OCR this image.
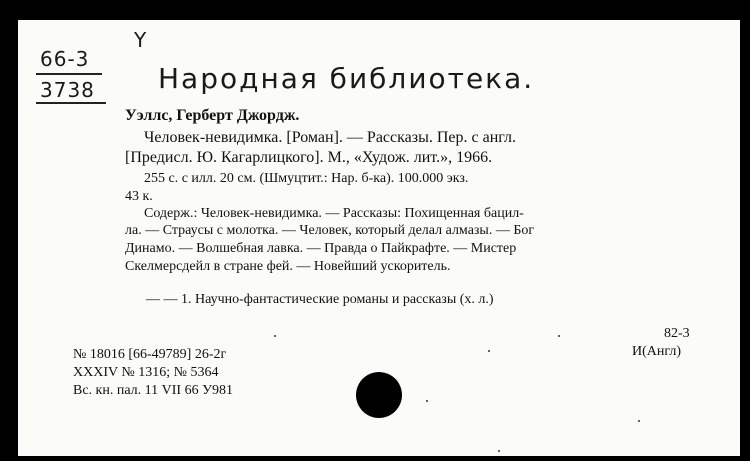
66-3
3738
Y
Народная библиотека.
Уэллс, Герберт Джордж.
Человек-невидимка. [Роман]. — Рассказы. Пер. с англ.
[Предисл. Ю. Кагарлицкого]. М., «Худож. лит.», 1966.
255 с. с илл. 20 см. (Шмуцтит.: Нар. б-ка). 100.000 экз.
43 к.
Содерж.: Человек-невидимка. — Рассказы: Похищенная бацил-
ла. — Страусы с молотка. — Человек, который делал алмазы. — Бог
Динамо. — Волшебная лавка. — Правда о Пайкрафте. — Мистер
Скелмерсдейл в стране фей. — Новейший ускоритель.
— — 1. Научно-фантастические романы и рассказы (х. л.)
82-3
И(Англ)
№ 18016 [66-49789] 26-2г
XXXIV № 1316; № 5364
Вс. кн. пал. 11 VII 66 У981
